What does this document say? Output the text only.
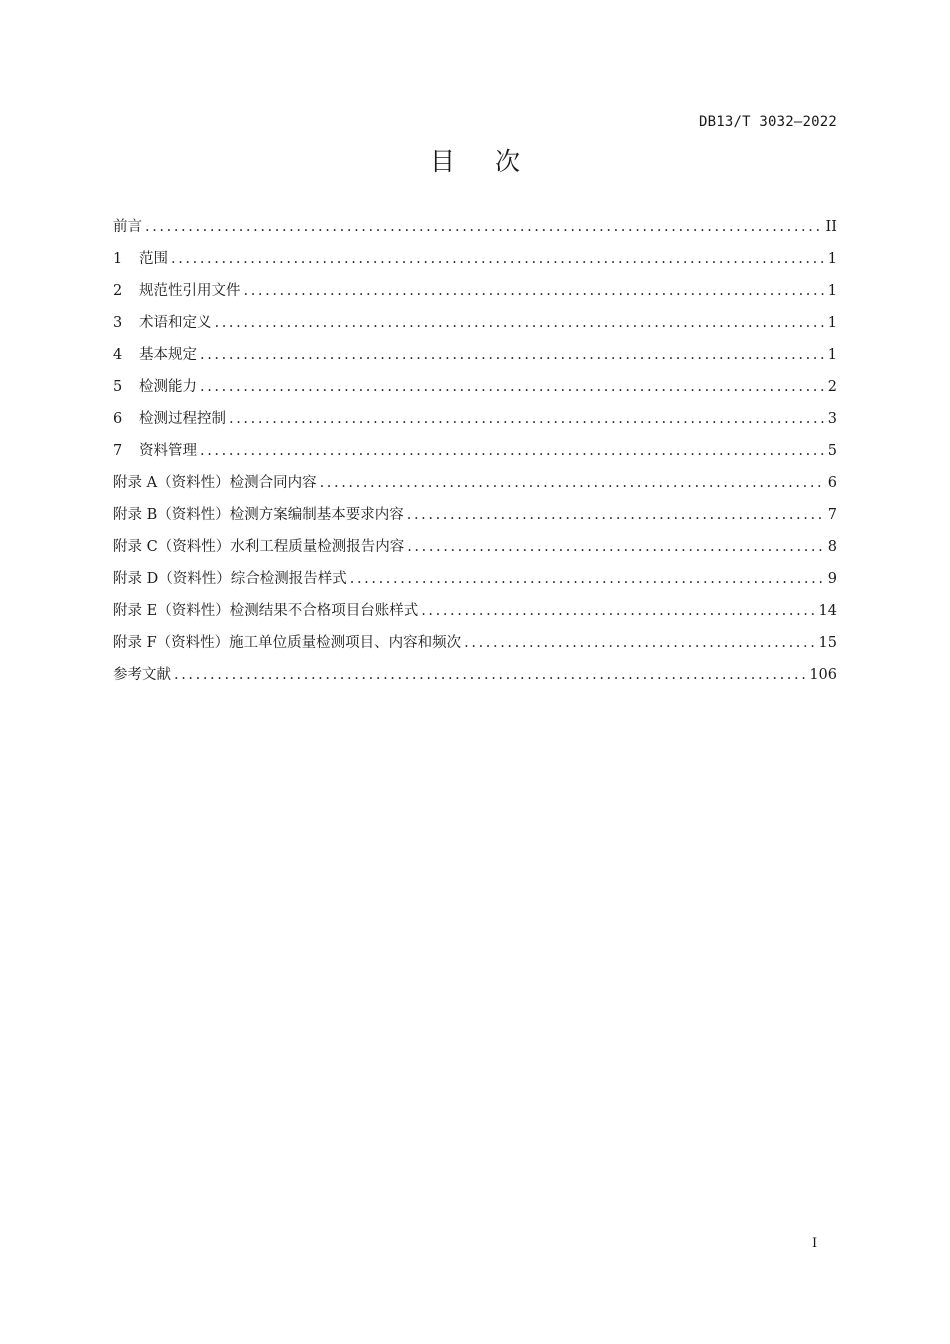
DB13/T 3032—2022
目次
前言 .....	II
1	范围 .....	1
2	规范性引用文件 .....	1
3	术语和定义 .....	1
4	基本规定 .....	1
5	检测能力 .....	2
6	检测过程控制 .....	3
7	资料管理 .....	5
附录 A（资料性）检测合同内容 .....	6
附录 B（资料性）检测方案编制基本要求内容 .....	7
附录 C（资料性）水利工程质量检测报告内容 .....	8
附录 D（资料性）综合检测报告样式 .....	9
附录 E（资料性）检测结果不合格项目台账样式 .....	14
附录 F（资料性）施工单位质量检测项目、内容和频次 .....	15
参考文献 .....	106
I
